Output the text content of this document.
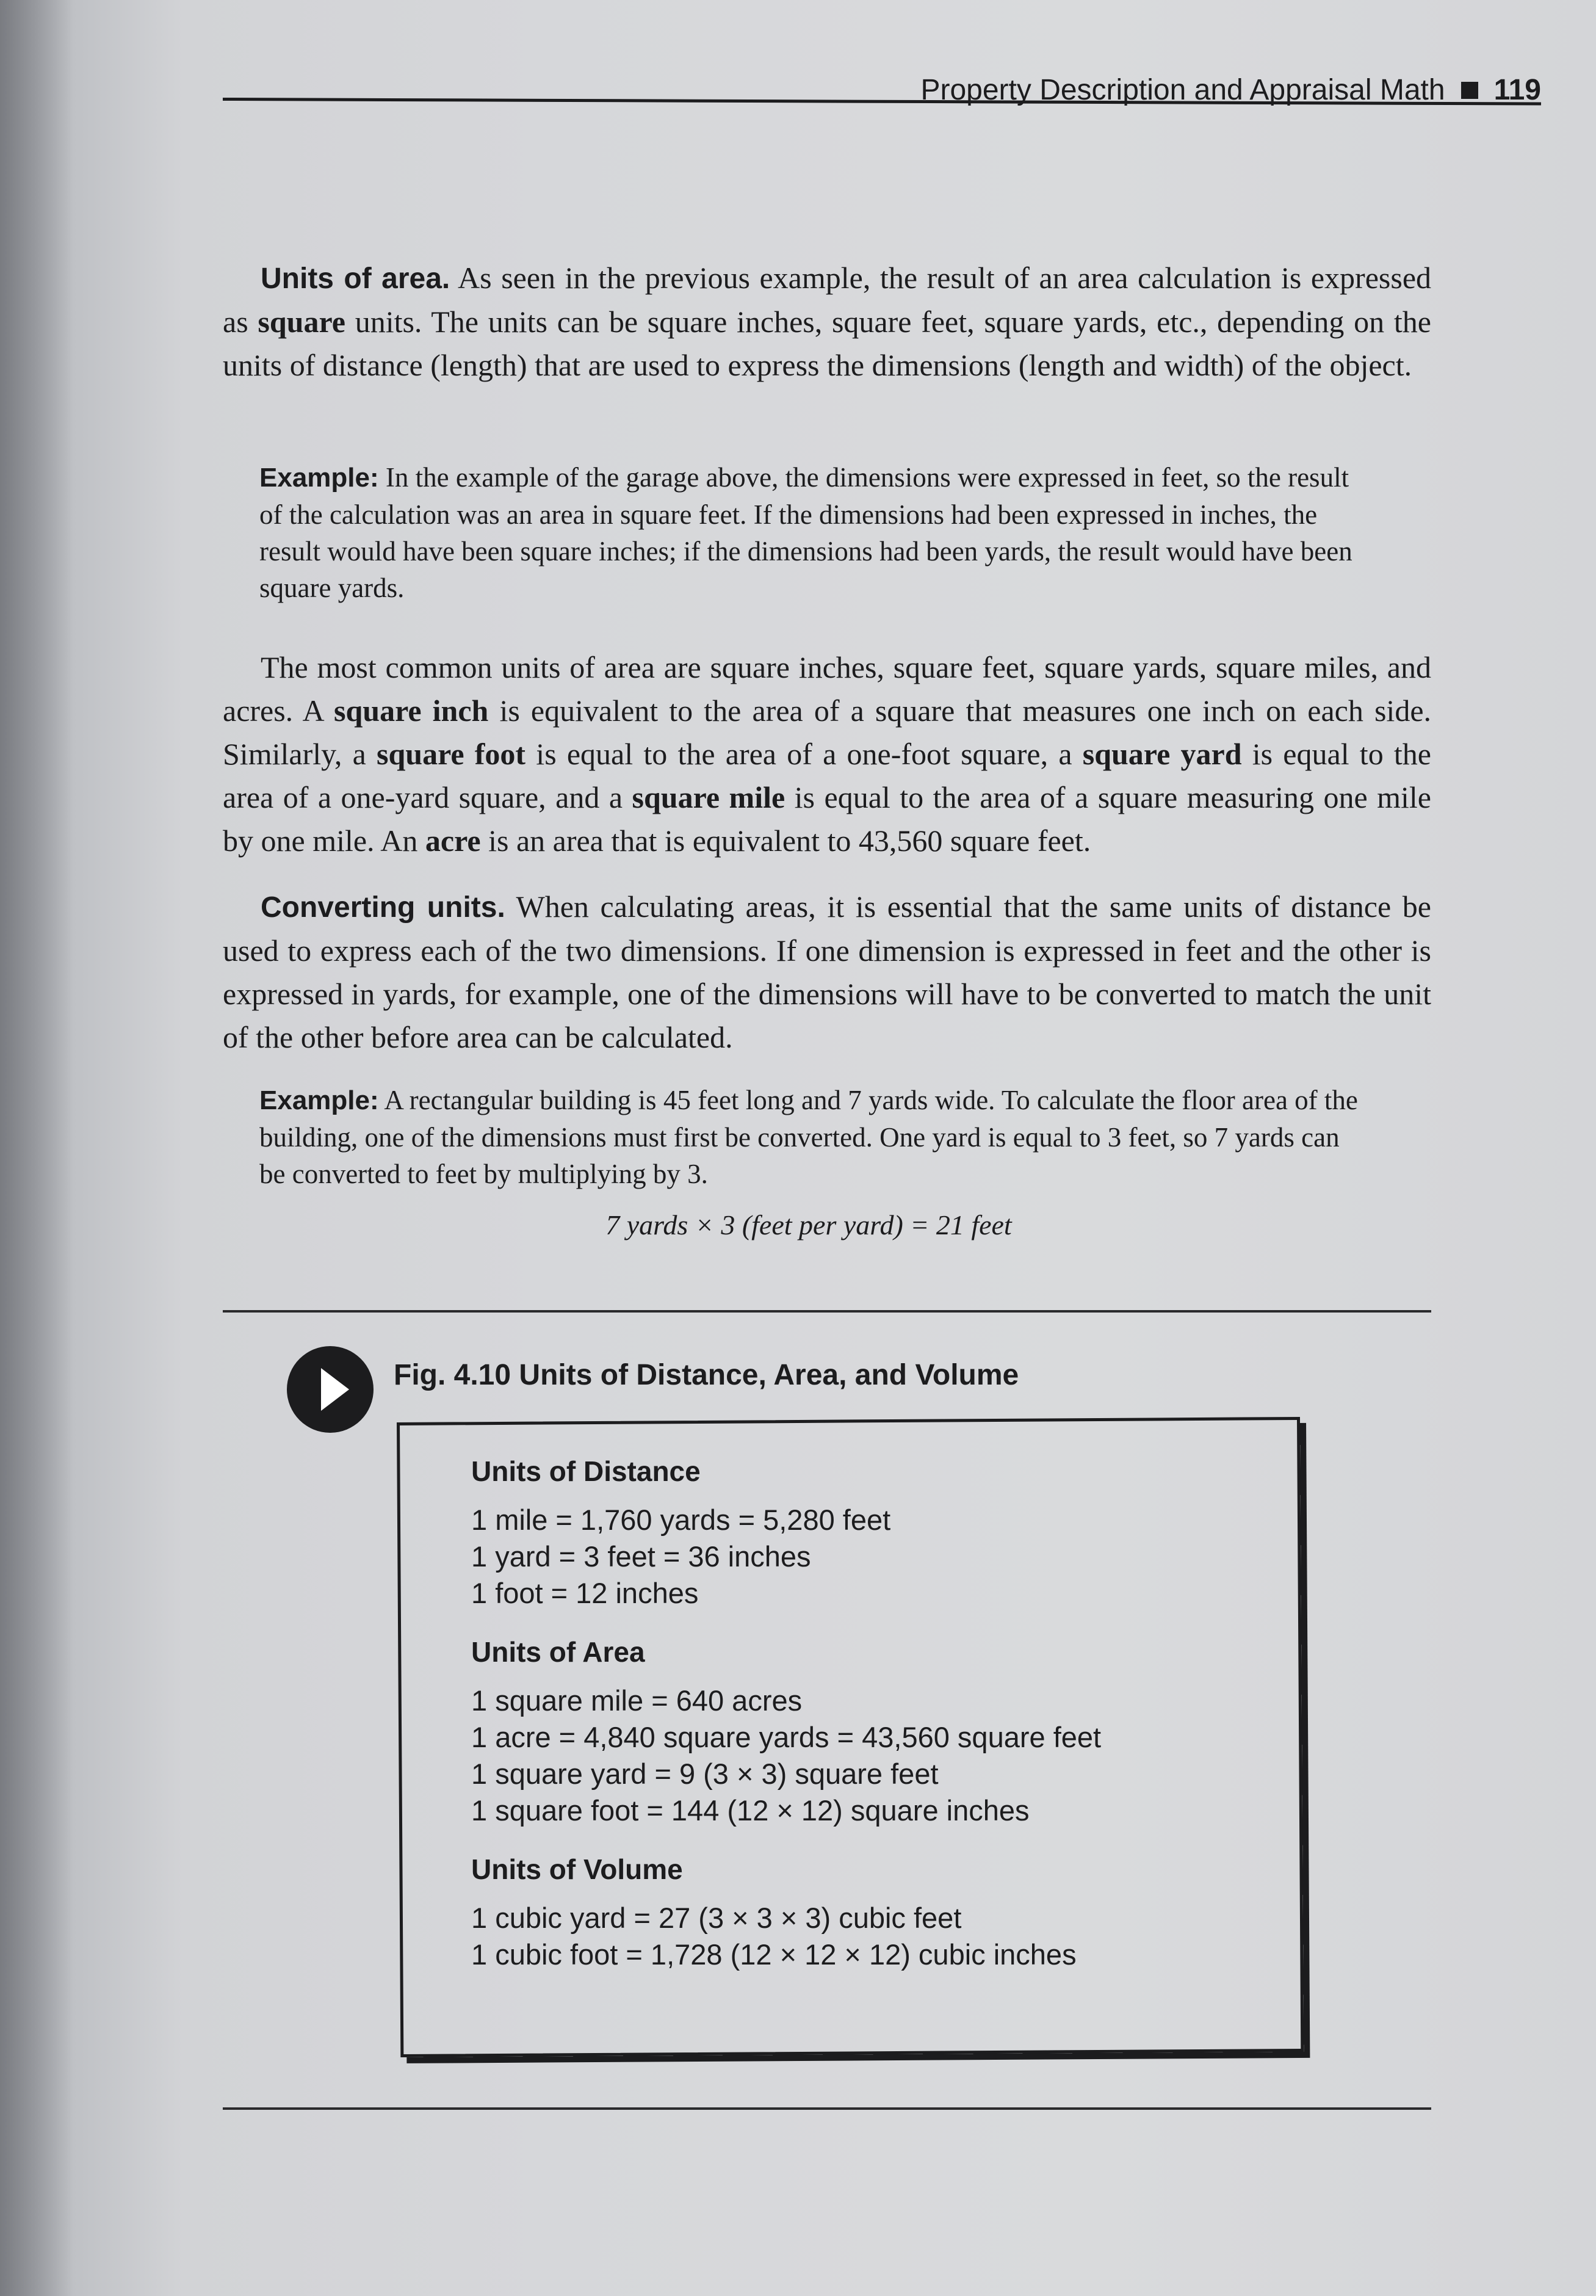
Property Description and Appraisal Math 119

Units of area. As seen in the previous example, the result of an area calculation is expressed as square units. The units can be square inches, square feet, square yards, etc., depending on the units of distance (length) that are used to express the dimensions (length and width) of the object.

Example: In the example of the garage above, the dimensions were expressed in feet, so the result of the calculation was an area in square feet. If the dimensions had been expressed in inches, the result would have been square inches; if the dimensions had been yards, the result would have been square yards.

The most common units of area are square inches, square feet, square yards, square miles, and acres. A square inch is equivalent to the area of a square that measures one inch on each side. Similarly, a square foot is equal to the area of a one-foot square, a square yard is equal to the area of a one-yard square, and a square mile is equal to the area of a square measuring one mile by one mile. An acre is an area that is equivalent to 43,560 square feet.

Converting units. When calculating areas, it is essential that the same units of distance be used to express each of the two dimensions. If one dimension is expressed in feet and the other is expressed in yards, for example, one of the dimensions will have to be converted to match the unit of the other before area can be calculated.

Example: A rectangular building is 45 feet long and 7 yards wide. To calculate the floor area of the building, one of the dimensions must first be converted. One yard is equal to 3 feet, so 7 yards can be converted to feet by multiplying by 3.

7 yards × 3 (feet per yard) = 21 feet
Fig. 4.10 Units of Distance, Area, and Volume
Units of Distance
1 mile = 1,760 yards = 5,280 feet
1 yard = 3 feet = 36 inches
1 foot = 12 inches
Units of Area
1 square mile = 640 acres
1 acre = 4,840 square yards = 43,560 square feet
1 square yard = 9 (3 × 3) square feet
1 square foot = 144 (12 × 12) square inches
Units of Volume
1 cubic yard = 27 (3 × 3 × 3) cubic feet
1 cubic foot = 1,728 (12 × 12 × 12) cubic inches
